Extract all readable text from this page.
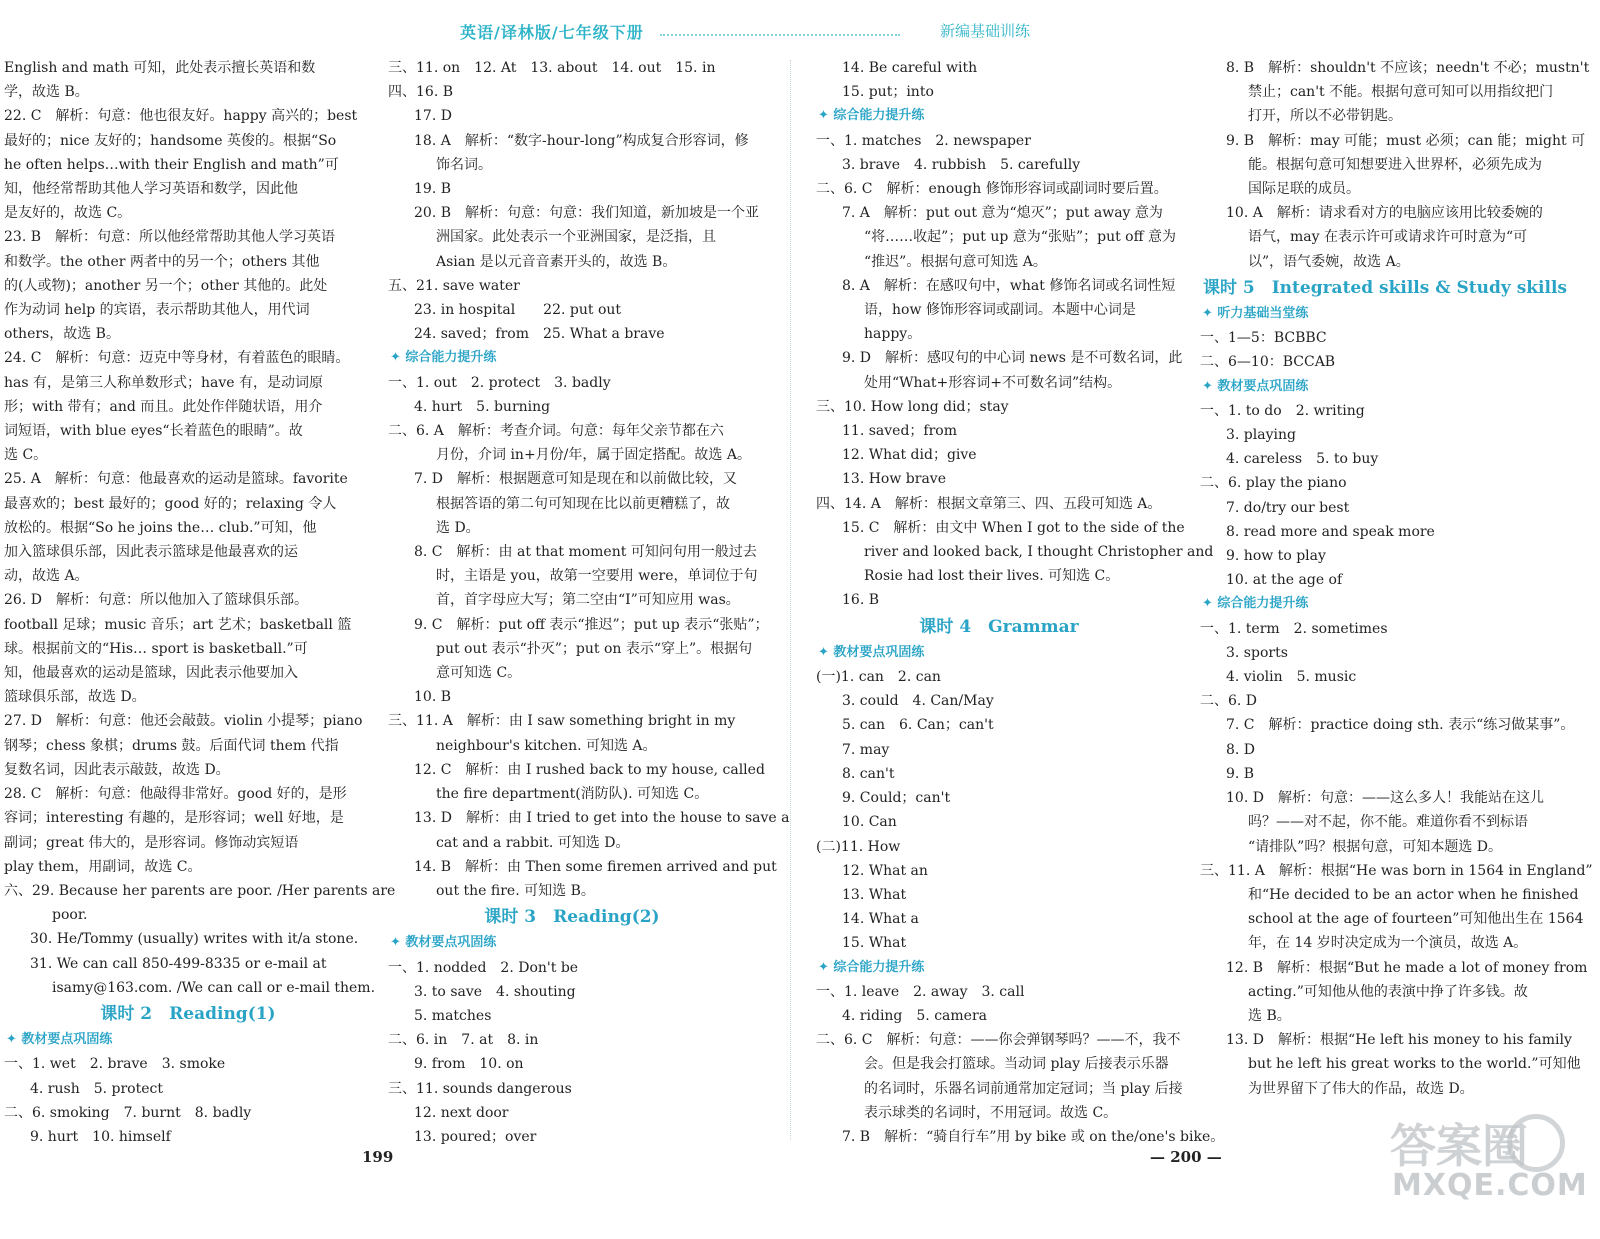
英语/译林版/七年级下册	新编基础训练
English and math 可知，此处表示擅长英语和数
学，故选 B。
22. C　解析：句意：他也很友好。happy 高兴的；best
最好的；nice 友好的；handsome 英俊的。根据“So
he often helps…with their English and math”可
知，他经常帮助其他人学习英语和数学，因此他
是友好的，故选 C。
23. B　解析：句意：所以他经常帮助其他人学习英语
和数学。the other 两者中的另一个；others 其他
的(人或物)；another 另一个；other 其他的。此处
作为动词 help 的宾语，表示帮助其他人，用代词
others，故选 B。
24. C　解析：句意：迈克中等身材，有着蓝色的眼睛。
has 有，是第三人称单数形式；have 有，是动词原
形；with 带有；and 而且。此处作伴随状语，用介
词短语，with blue eyes“长着蓝色的眼睛”。故
选 C。
25. A　解析：句意：他最喜欢的运动是篮球。favorite
最喜欢的；best 最好的；good 好的；relaxing 令人
放松的。根据“So he joins the… club.”可知，他
加入篮球俱乐部，因此表示篮球是他最喜欢的运
动，故选 A。
26. D　解析：句意：所以他加入了篮球俱乐部。
football 足球；music 音乐；art 艺术；basketball 篮
球。根据前文的“His… sport is basketball.”可
知，他最喜欢的运动是篮球，因此表示他要加入
篮球俱乐部，故选 D。
27. D　解析：句意：他还会敲鼓。violin 小提琴；piano
钢琴；chess 象棋；drums 鼓。后面代词 them 代指
复数名词，因此表示敲鼓，故选 D。
28. C　解析：句意：他敲得非常好。good 好的，是形
容词；interesting 有趣的，是形容词；well 好地，是
副词；great 伟大的，是形容词。修饰动宾短语
play them，用副词，故选 C。
六、29. Because her parents are poor. /Her parents are
poor.
30. He/Tommy (usually) writes with it/a stone.
31. We can call 850-499-8335 or e-mail at
isamy@163.com. /We can call or e-mail them.
课时 2　Reading(1)
✦ 教材要点巩固练
一、1. wet　2. brave　3. smoke
4. rush　5. protect
二、6. smoking　7. burnt　8. badly
9. hurt　10. himself
三、11. on　12. At　13. about　14. out　15. in
四、16. B
17. D
18. A　解析：“数字-hour-long”构成复合形容词，修
饰名词。
19. B
20. B　解析：句意：句意：我们知道，新加坡是一个亚
洲国家。此处表示一个亚洲国家，是泛指，且
Asian 是以元音音素开头的，故选 B。
五、21. save water
23. in hospital　　22. put out
24. saved；from　25. What a brave
✦ 综合能力提升练
一、1. out　2. protect　3. badly
4. hurt　5. burning
二、6. A　解析：考查介词。句意：每年父亲节都在六
月份，介词 in+月份/年，属于固定搭配。故选 A。
7. D　解析：根据题意可知是现在和以前做比较，又
根据答语的第二句可知现在比以前更糟糕了，故
选 D。
8. C　解析：由 at that moment 可知问句用一般过去
时，主语是 you，故第一空要用 were，单词位于句
首，首字母应大写；第二空由“I”可知应用 was。
9. C　解析：put off 表示“推迟”；put up 表示“张贴”；
put out 表示“扑灭”；put on 表示“穿上”。根据句
意可知选 C。
10. B
三、11. A　解析：由 I saw something bright in my
neighbour's kitchen. 可知选 A。
12. C　解析：由 I rushed back to my house, called
the fire department(消防队). 可知选 C。
13. D　解析：由 I tried to get into the house to save a
cat and a rabbit. 可知选 D。
14. B　解析：由 Then some firemen arrived and put
out the fire. 可知选 B。
课时 3　Reading(2)
✦ 教材要点巩固练
一、1. nodded　2. Don't be
3. to save　4. shouting
5. matches
二、6. in　7. at　8. in
9. from　10. on
三、11. sounds dangerous
12. next door
13. poured；over
14. Be careful with
15. put；into
✦ 综合能力提升练
一、1. matches　2. newspaper
3. brave　4. rubbish　5. carefully
二、6. C　解析：enough 修饰形容词或副词时要后置。
7. A　解析：put out 意为“熄灭”；put away 意为
“将……收起”；put up 意为“张贴”；put off 意为
“推迟”。根据句意可知选 A。
8. A　解析：在感叹句中，what 修饰名词或名词性短
语，how 修饰形容词或副词。本题中心词是
happy。
9. D　解析：感叹句的中心词 news 是不可数名词，此
处用“What+形容词+不可数名词”结构。
三、10. How long did；stay
11. saved；from
12. What did；give
13. How brave
四、14. A　解析：根据文章第三、四、五段可知选 A。
15. C　解析：由文中 When I got to the side of the
river and looked back, I thought Christopher and
Rosie had lost their lives. 可知选 C。
16. B
课时 4　Grammar
✦ 教材要点巩固练
(一)1. can　2. can
3. could　4. Can/May
5. can　6. Can；can't
7. may
8. can't
9. Could；can't
10. Can
(二)11. How
12. What an
13. What
14. What a
15. What
✦ 综合能力提升练
一、1. leave　2. away　3. call
4. riding　5. camera
二、6. C　解析：句意：——你会弹钢琴吗？——不，我不
会。但是我会打篮球。当动词 play 后接表示乐器
的名词时，乐器名词前通常加定冠词；当 play 后接
表示球类的名词时，不用冠词。故选 C。
7. B　解析：“骑自行车”用 by bike 或 on the/one's bike。
8. B　解析：shouldn't 不应该；needn't 不必；mustn't
禁止；can't 不能。根据句意可知可以用指纹把门
打开，所以不必带钥匙。
9. B　解析：may 可能；must 必须；can 能；might 可
能。根据句意可知想要进入世界杯，必须先成为
国际足联的成员。
10. A　解析：请求看对方的电脑应该用比较委婉的
语气，may 在表示许可或请求许可时意为“可
以”，语气委婉，故选 A。
课时 5　Integrated skills & Study skills
✦ 听力基础当堂练
一、1—5：BCBBC
二、6—10：BCCAB
✦ 教材要点巩固练
一、1. to do　2. writing
3. playing
4. careless　5. to buy
二、6. play the piano
7. do/try our best
8. read more and speak more
9. how to play
10. at the age of
✦ 综合能力提升练
一、1. term　2. sometimes
3. sports
4. violin　5. music
二、6. D
7. C　解析：practice doing sth. 表示“练习做某事”。
8. D
9. B
10. D　解析：句意：——这么多人！我能站在这儿
吗？——对不起，你不能。难道你看不到标语
“请排队”吗？根据句意，可知本题选 D。
三、11. A　解析：根据“He was born in 1564 in England”
和“He decided to be an actor when he finished
school at the age of fourteen”可知他出生在 1564
年，在 14 岁时决定成为一个演员，故选 A。
12. B　解析：根据“But he made a lot of money from
acting.”可知他从他的表演中挣了许多钱。故
选 B。
13. D　解析：根据“He left his money to his family
but he left his great works to the world.”可知他
为世界留下了伟大的作品，故选 D。
199	— 200 —	答案圈
MXQE.COM
